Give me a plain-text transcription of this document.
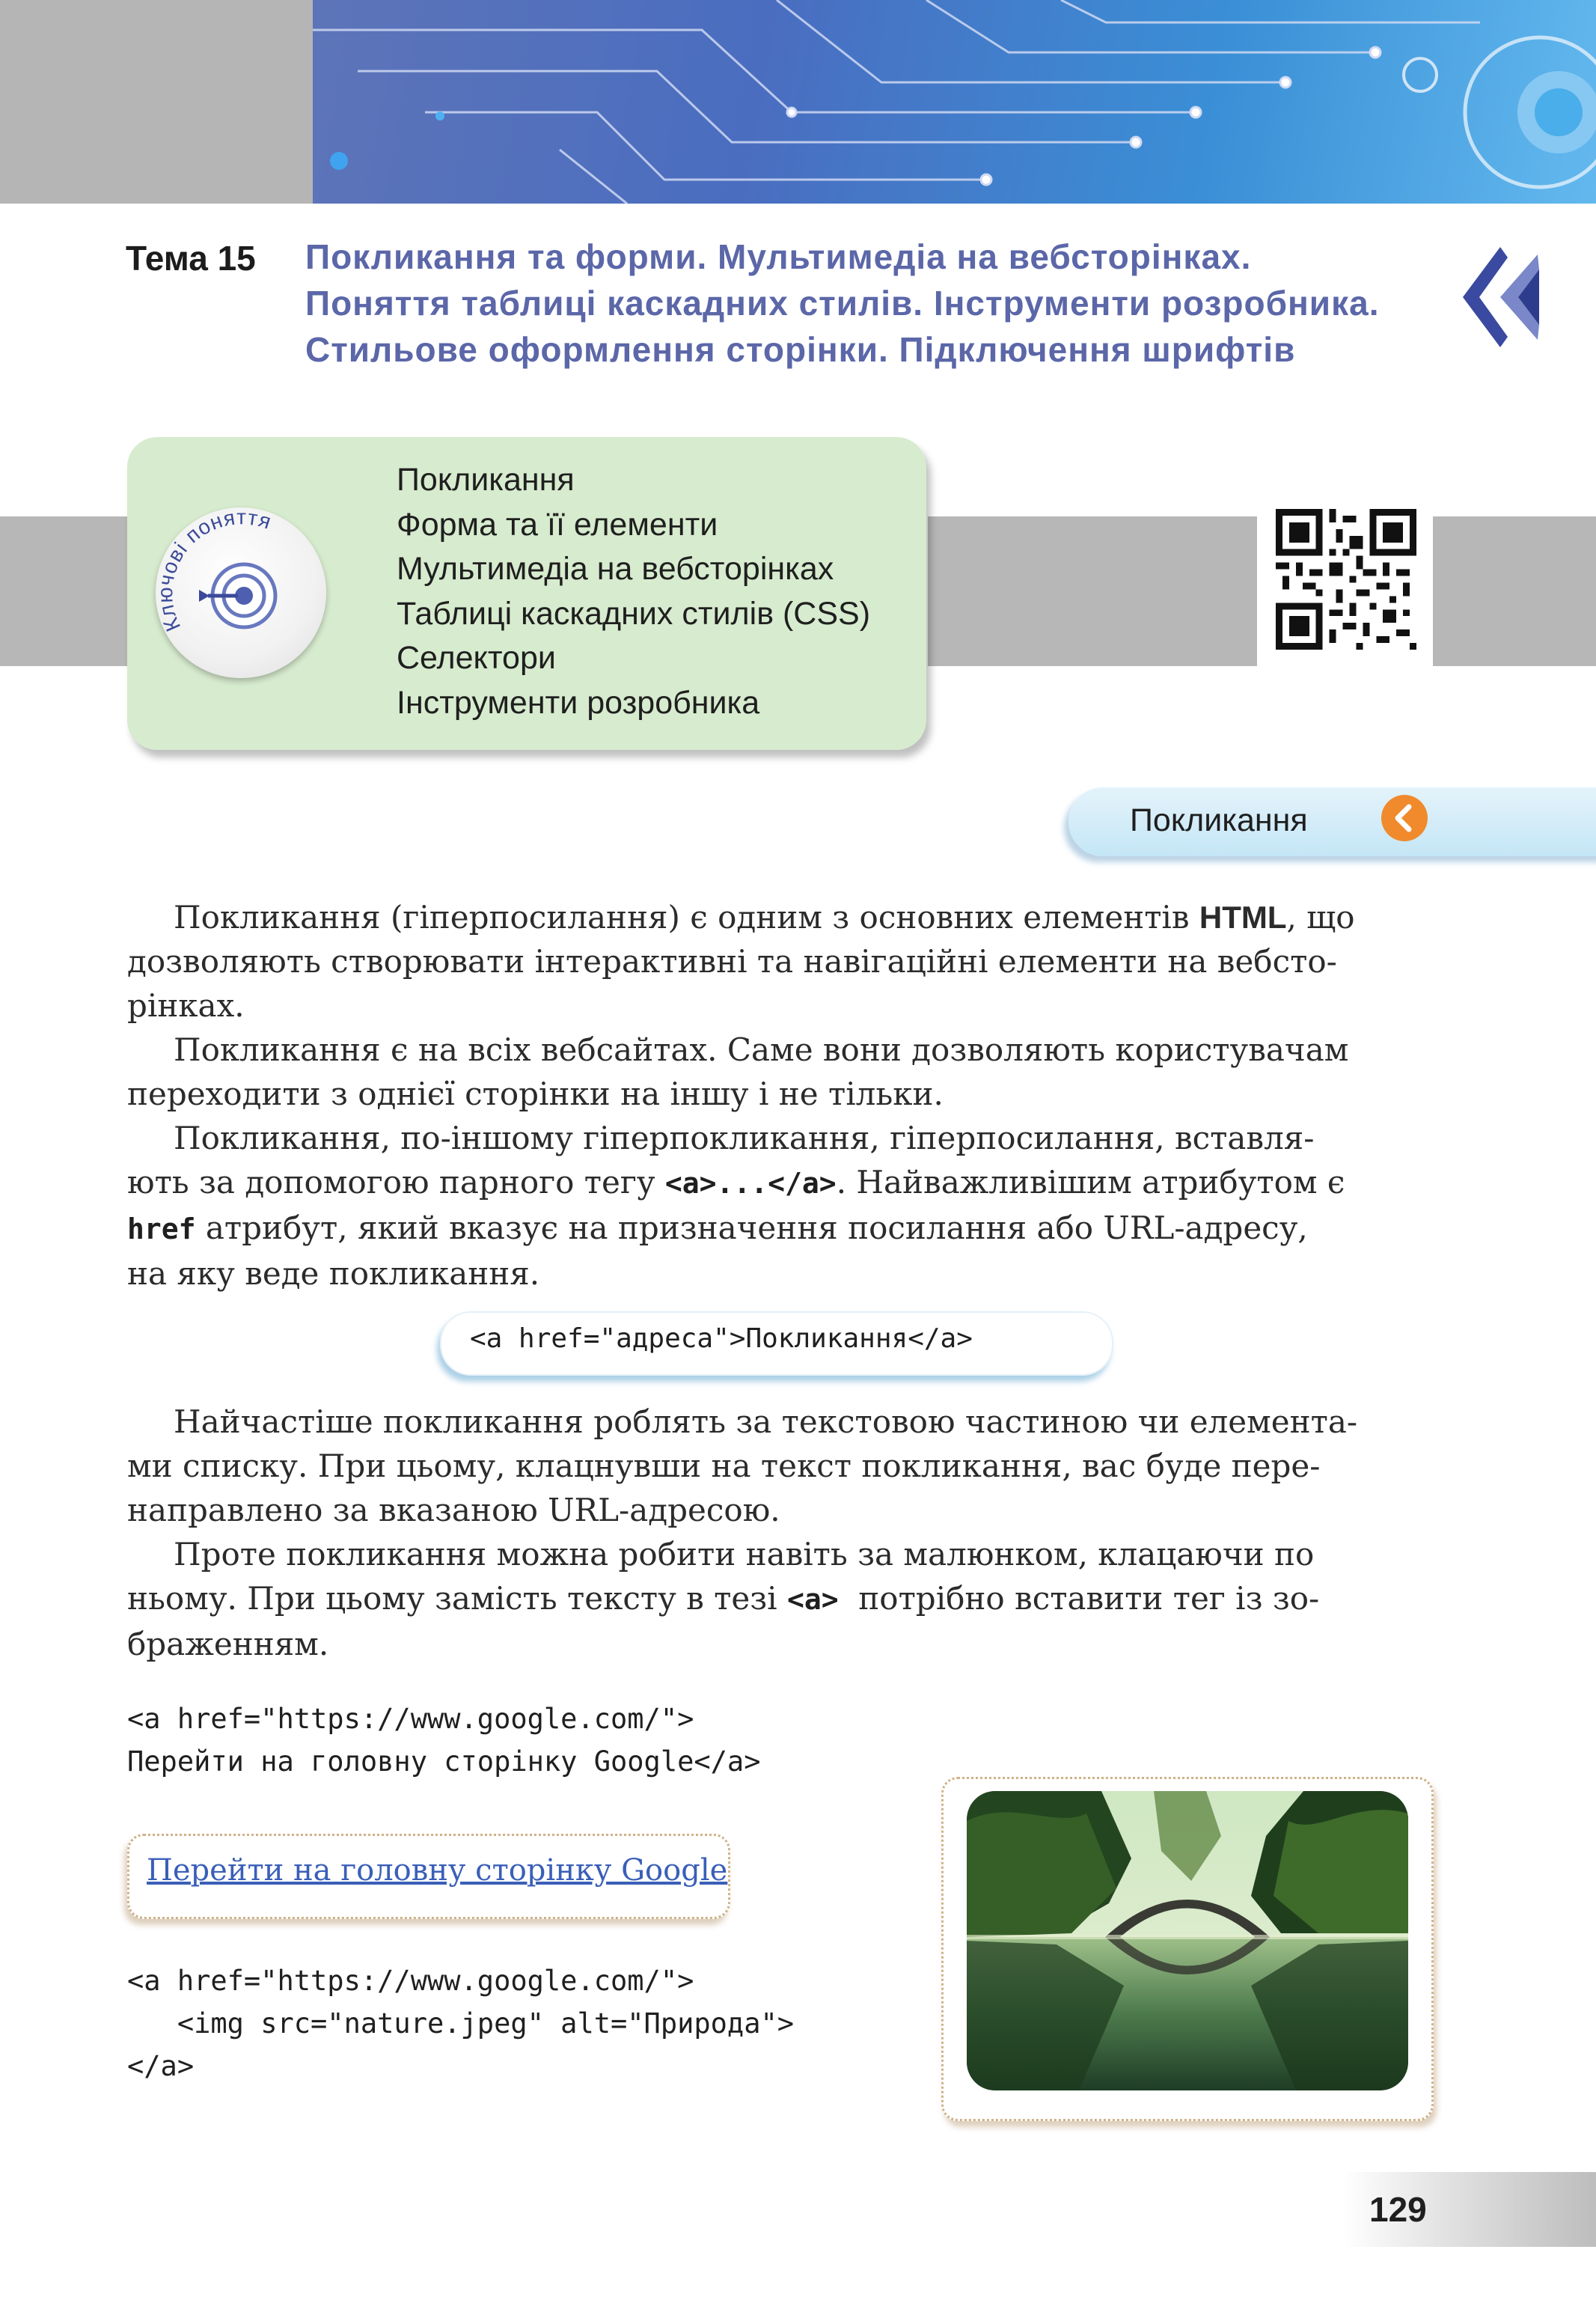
Тема 15 Покликання та форми. Мультимедіа на вебсторінках.
Поняття таблиці каскадних стилів. Інструменти розробника.
Стильове оформлення сторінки. Підключення шрифтів
Ключові поняття
Покликання
Форма та її елементи
Мультимедіа на вебсторінках
Таблиці каскадних стилів (CSS)
Селектори
Інструменти розробника
Покликання
Покликання (гіперпосилання) є одним з основних елементів HTML, що
дозволяють створювати інтерактивні та навігаційні елементи на вебсто-
рінках.
Покликання є на всіх вебсайтах. Саме вони дозволяють користувачам
переходити з однієї сторінки на іншу і не тільки.
Покликання, по-іншому гіперпокликання, гіперпосилання, вставля-
ють за допомогою парного тегу <a>...</a>. Найважливішим атрибутом є
href атрибут, який вказує на призначення посилання або URL-адресу,
на яку веде покликання.
<a href="адреса">Покликання</a>
Найчастіше покликання роблять за текстовою частиною чи елемента-
ми списку. При цьому, клацнувши на текст покликання, вас буде пере-
направлено за вказаною URL-адресою.
Проте покликання можна робити навіть за малюнком, клацаючи по
ньому. При цьому замість тексту в тезі <a>  потрібно вставити тег із зо-
браженням.
<a href="https://www.google.com/">
Перейти на головну сторінку Google</a>
Перейти на головну сторінку Google
<a href="https://www.google.com/">
<img src="nature.jpeg" alt="Природа">
</a>
129
